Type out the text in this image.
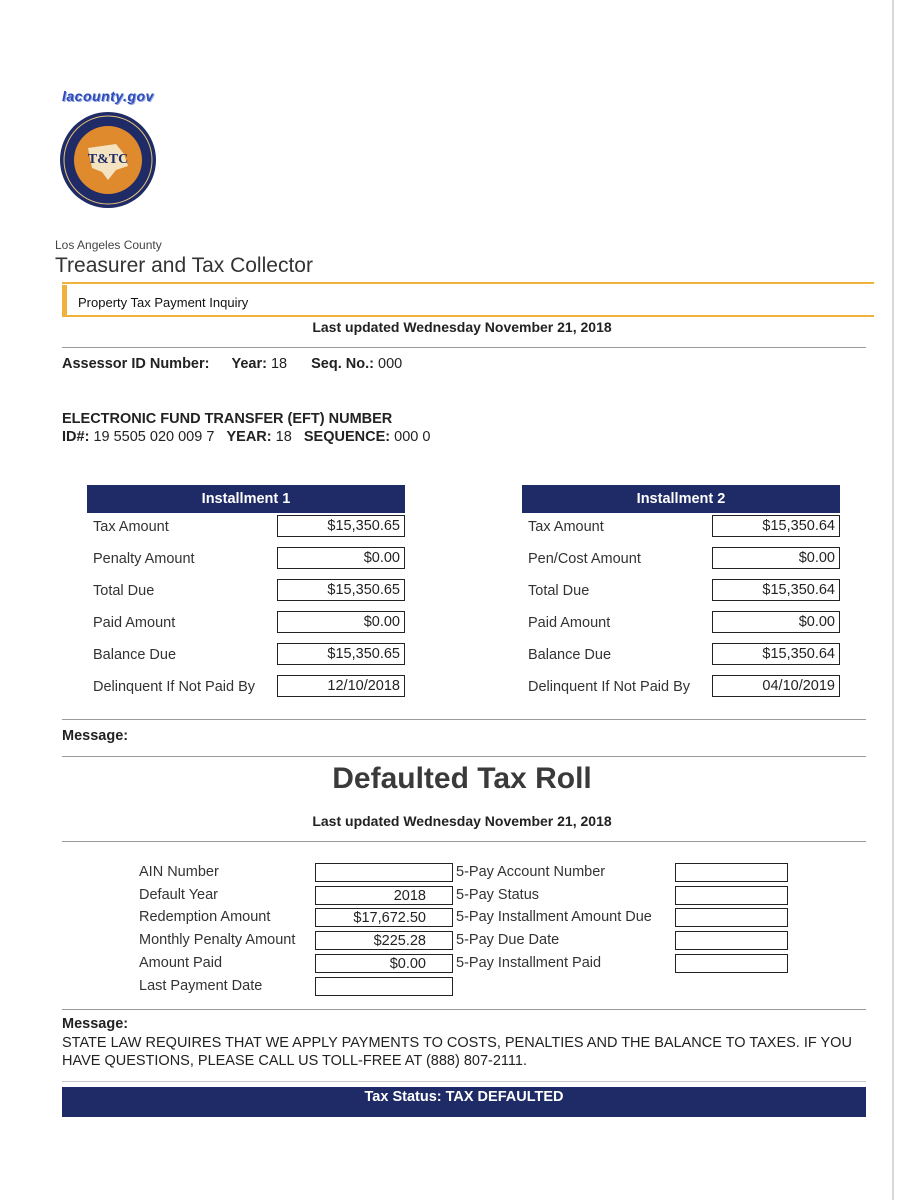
lacounty.gov
T&TC
Los Angeles County
Treasurer and Tax Collector
Property Tax Payment Inquiry
Last updated Wednesday November 21, 2018
Assessor ID Number: Year: 18 Seq. No.: 000
ELECTRONIC FUND TRANSFER (EFT) NUMBER
ID#: 19 5505 020 009 7 YEAR: 18 SEQUENCE: 000 0
Installment 1
Tax Amount	$15,350.65
Penalty Amount	$0.00
Total Due	$15,350.65
Paid Amount	$0.00
Balance Due	$15,350.65
Delinquent If Not Paid By	12/10/2018
Installment 2
Tax Amount	$15,350.64
Pen/Cost Amount	$0.00
Total Due	$15,350.64
Paid Amount	$0.00
Balance Due	$15,350.64
Delinquent If Not Paid By	04/10/2019
Message:
Defaulted Tax Roll
Last updated Wednesday November 21, 2018
AIN Number
Default Year	2018
Redemption Amount	$17,672.50
Monthly Penalty Amount	$225.28
Amount Paid	$0.00
Last Payment Date
5-Pay Account Number
5-Pay Status
5-Pay Installment Amount Due
5-Pay Due Date
5-Pay Installment Paid
Message:
STATE LAW REQUIRES THAT WE APPLY PAYMENTS TO COSTS, PENALTIES AND THE BALANCE TO TAXES. IF YOU HAVE QUESTIONS, PLEASE CALL US TOLL-FREE AT (888) 807-2111.
Tax Status: TAX DEFAULTED
